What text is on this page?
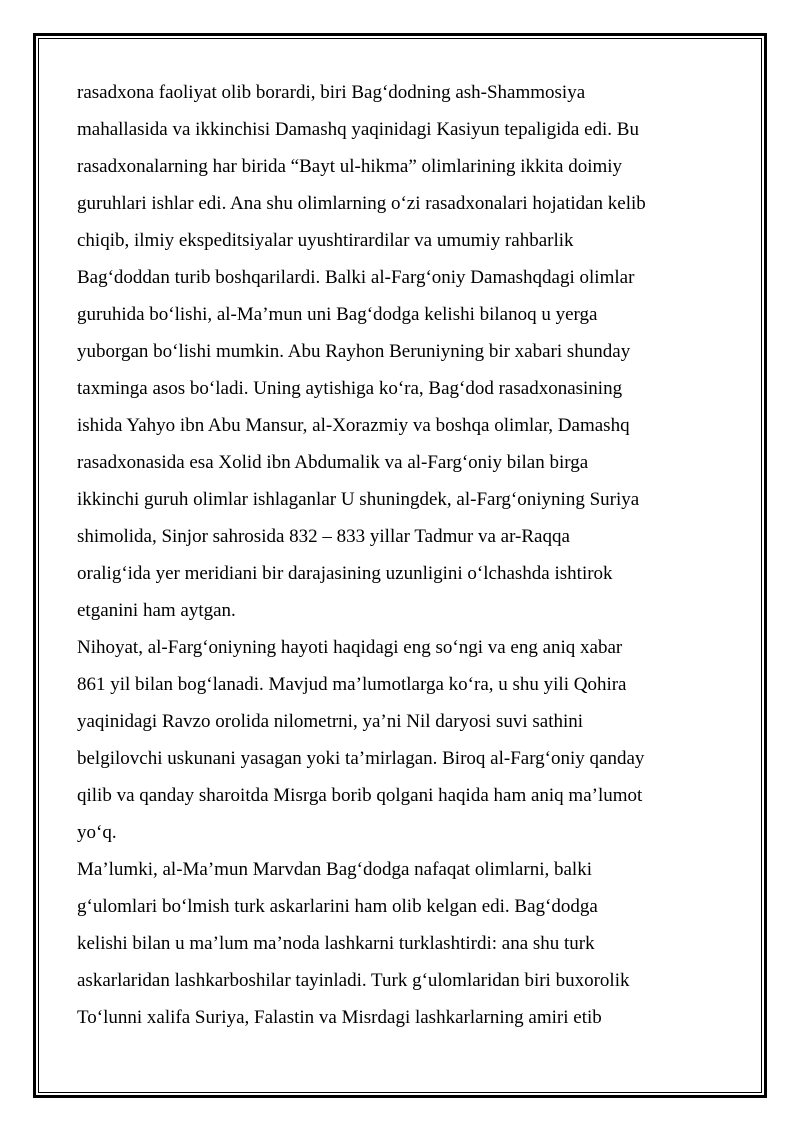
rasadxona faoliyat olib borardi, biri Bag‘dodning ash-Shammosiya
mahallasida va ikkinchisi Damashq yaqinidagi Kasiyun tepaligida edi. Bu
rasadxonalarning har birida “Bayt ul-hikma” olimlarining ikkita doimiy
guruhlari ishlar edi. Ana shu olimlarning o‘zi rasadxonalari hojatidan kelib
chiqib, ilmiy ekspeditsiyalar uyushtirardilar va umumiy rahbarlik
Bag‘doddan turib boshqarilardi. Balki al-Farg‘oniy Damashqdagi olimlar
guruhida bo‘lishi, al-Ma’mun uni Bag‘dodga kelishi bilanoq u yerga
yuborgan bo‘lishi mumkin. Abu Rayhon Beruniyning bir xabari shunday
taxminga asos bo‘ladi. Uning aytishiga ko‘ra, Bag‘dod rasadxonasining
ishida Yahyo ibn Abu Mansur, al-Xorazmiy va boshqa olimlar, Damashq
rasadxonasida esa Xolid ibn Abdumalik va al-Farg‘oniy bilan birga
ikkinchi guruh olimlar ishlaganlar U shuningdek, al-Farg‘oniyning Suriya
shimolida, Sinjor sahrosida 832 – 833 yillar Tadmur va ar-Raqqa
oralig‘ida yer meridiani bir darajasining uzunligini o‘lchashda ishtirok
etganini ham aytgan.
Nihoyat, al-Farg‘oniyning hayoti haqidagi eng so‘ngi va eng aniq xabar
861 yil bilan bog‘lanadi. Mavjud ma’lumotlarga ko‘ra, u shu yili Qohira
yaqinidagi Ravzo orolida nilometrni, ya’ni Nil daryosi suvi sathini
belgilovchi uskunani yasagan yoki ta’mirlagan. Biroq al-Farg‘oniy qanday
qilib va qanday sharoitda Misrga borib qolgani haqida ham aniq ma’lumot
yo‘q.
Ma’lumki, al-Ma’mun Marvdan Bag‘dodga nafaqat olimlarni, balki
g‘ulomlari bo‘lmish turk askarlarini ham olib kelgan edi. Bag‘dodga
kelishi bilan u ma’lum ma’noda lashkarni turklashtirdi: ana shu turk
askarlaridan lashkarboshilar tayinladi. Turk g‘ulomlaridan biri buxorolik
To‘lunni xalifa Suriya, Falastin va Misrdagi lashkarlarning amiri etib
